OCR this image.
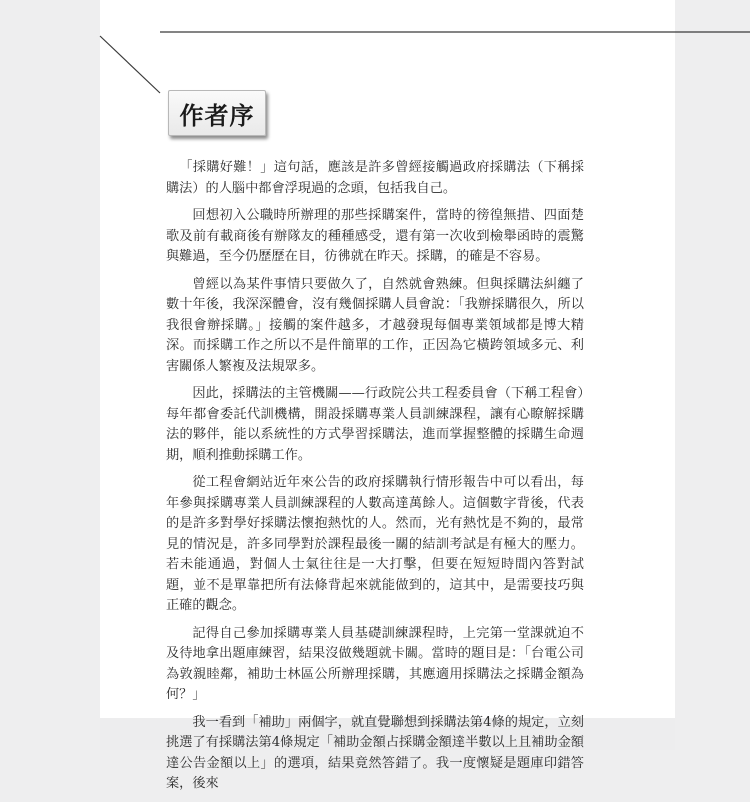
作者序

「採購好難！」這句話，應該是許多曾經接觸過政府採購法（下稱採購法）的人腦中都會浮現過的念頭，包括我自己。

回想初入公職時所辦理的那些採購案件，當時的徬徨無措、四面楚歌及前有載商後有辦隊友的種種感受，還有第一次收到檢舉函時的震驚與難過，至今仍歷歷在目，彷彿就在昨天。採購，的確是不容易。

曾經以為某件事情只要做久了，自然就會熟練。但與採購法糾纏了數十年後，我深深體會，沒有幾個採購人員會說：「我辦採購很久，所以我很會辦採購。」接觸的案件越多，才越發現每個專業領域都是博大精深。而採購工作之所以不是件簡單的工作，正因為它橫跨領域多元、利害關係人繁複及法規眾多。

因此，採購法的主管機關——行政院公共工程委員會（下稱工程會）每年都會委託代訓機構，開設採購專業人員訓練課程，讓有心瞭解採購法的夥伴，能以系統性的方式學習採購法，進而掌握整體的採購生命週期，順利推動採購工作。

從工程會網站近年來公告的政府採購執行情形報告中可以看出，每年參與採購專業人員訓練課程的人數高達萬餘人。這個數字背後，代表的是許多對學好採購法懷抱熱忱的人。然而，光有熱忱是不夠的，最常見的情況是，許多同學對於課程最後一關的結訓考試是有極大的壓力。若未能通過，對個人士氣往往是一大打擊，但要在短短時間內答對試題，並不是單靠把所有法條背起來就能做到的，這其中，是需要技巧與正確的觀念。

記得自己參加採購專業人員基礎訓練課程時，上完第一堂課就迫不及待地拿出題庫練習，結果沒做幾題就卡關。當時的題目是：「台電公司為敦親睦鄰，補助士林區公所辦理採購，其應適用採購法之採購金額為何？」

我一看到「補助」兩個字，就直覺聯想到採購法第4條的規定，立刻挑選了有採購法第4條規定「補助金額占採購金額達半數以上且補助金額達公告金額以上」的選項，結果竟然答錯了。我一度懷疑是題庫印錯答案，後來
